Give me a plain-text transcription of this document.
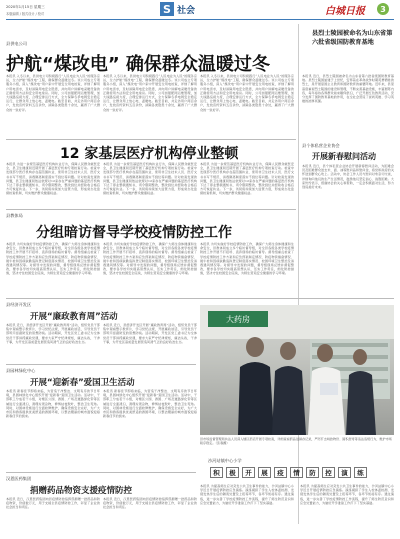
2020年1月15日 星期三
本版编辑 / 版式设计 / 校对	S 社会	白城日报	3
县供电公司
护航“煤改电” 确保群众温暖过冬
本报讯 入冬以来，县供电公司积极践行“人民电业为人民”的服务宗旨，全力护航“煤改电”工程，确保群众温暖过冬。该公司成立专项服务小组，深入“煤改电”用户家中开展安全用电检查，详细了解用户用电需求，及时消除用电安全隐患，并向用户讲解电采暖设备的正确使用方法和安全用电常识。同时，公司加强配网运维管理，加大线路巡视力度，合理安排运行方式，全力保障冬季电网安全稳定运行，让群众用上放心电、温暖电。截至目前，共走访用户两百余户，发放宣传资料五百余份，消除各类隐患十余处，赢得了广大群众的一致好评。
本报讯 入冬以来，县供电公司积极践行“人民电业为人民”的服务宗旨，全力护航“煤改电”工程，确保群众温暖过冬。该公司成立专项服务小组，深入“煤改电”用户家中开展安全用电检查，详细了解用户用电需求，及时消除用电安全隐患，并向用户讲解电采暖设备的正确使用方法和安全用电常识。同时，公司加强配网运维管理，加大线路巡视力度，合理安排运行方式，全力保障冬季电网安全稳定运行，让群众用上放心电、温暖电。截至目前，共走访用户两百余户，发放宣传资料五百余份，消除各类隐患十余处，赢得了广大群众的一致好评。
本报讯 入冬以来，县供电公司积极践行“人民电业为人民”的服务宗旨，全力护航“煤改电”工程，确保群众温暖过冬。该公司成立专项服务小组，深入“煤改电”用户家中开展安全用电检查，详细了解用户用电需求，及时消除用电安全隐患，并向用户讲解电采暖设备的正确使用方法和安全用电常识。同时，公司加强配网运维管理，加大线路巡视力度，合理安排运行方式，全力保障冬季电网安全稳定运行，让群众用上放心电、温暖电。截至目前，共走访用户两百余户，发放宣传资料五百余份，消除各类隐患十余处，赢得了广大群众的一致好评。
县烈士陵园被命名为山东省第六批省级国防教育基地
本报讯 近日，县烈士陵园被命名为山东省第六批省级国防教育基地。县烈士陵园始建于上世纪，安葬着在革命战争时期英勇牺牲的烈士，是开展爱国主义教育和国防教育的重要阵地。近年来，县里高度重视烈士陵园的建设和管理，不断完善基础设施，丰富展陈内容，每年接待各界群众前来瞻仰祭扫，广泛开展红色教育活动，充分发挥了国防教育基地的作用，在全社会营造了崇尚英雄、学习英雄的浓厚氛围。
12 家基层医疗机构停业整顿
本报讯 为进一步规范基层医疗机构执业行为，保障人民群众就医安全，县卫生健康局近期开展了基层医疗机构专项检查行动。检查中发现部分医疗机构存在超范围执业、使用非卫生技术人员、医疗文书书写不规范、消毒隔离制度落实不到位等问题。针对检查发现的问题，县卫生健康局依法依规对12家存在严重问题的基层医疗机构下达了停业整顿通知书，责令限期整改，整改到位并经验收合格后方可恢复执业。下一步，该局将持续加大监管力度，形成常态化监督检查机制，切实维护群众健康权益。
本报讯 为进一步规范基层医疗机构执业行为，保障人民群众就医安全，县卫生健康局近期开展了基层医疗机构专项检查行动。检查中发现部分医疗机构存在超范围执业、使用非卫生技术人员、医疗文书书写不规范、消毒隔离制度落实不到位等问题。针对检查发现的问题，县卫生健康局依法依规对12家存在严重问题的基层医疗机构下达了停业整顿通知书，责令限期整改，整改到位并经验收合格后方可恢复执业。下一步，该局将持续加大监管力度，形成常态化监督检查机制，切实维护群众健康权益。
本报讯 为进一步规范基层医疗机构执业行为，保障人民群众就医安全，县卫生健康局近期开展了基层医疗机构专项检查行动。检查中发现部分医疗机构存在超范围执业、使用非卫生技术人员、医疗文书书写不规范、消毒隔离制度落实不到位等问题。针对检查发现的问题，县卫生健康局依法依规对12家存在严重问题的基层医疗机构下达了停业整顿通知书，责令限期整改，整改到位并经验收合格后方可恢复执业。下一步，该局将持续加大监管力度，形成常态化监督检查机制，切实维护群众健康权益。
县个体私营企业协会
开展新春慰问活动
本报讯 近日，县个体私营企业协会开展新春慰问活动，为困难会员及困难群众送去米、面、油等慰问品和慰问金，将党和政府的关怀送到群众心坎上。活动中，协会工作人员与慰问对象亲切交谈，详细询问他们的生产生活情况，鼓励他们坚定信心、战胜困难。大家纷纷表示，感谢协会的关心和帮助，一定会积极面对生活，努力创造美好未来。
县教体局
分组暗访督导学校疫情防控工作
本报讯 为切实做好学校疫情防控工作，确保广大师生身体健康和生命安全，县教体局成立多个暗访督导组，对全县各级各类学校疫情防控工作开展不打招呼、直奔现场的暗访督导。督导组重点检查了学校疫情防控工作方案和应急预案制定情况、防疫物资储备情况、晨午检和因病缺勤追踪登记制度落实情况、校园环境卫生整治及消毒通风情况等。对督导中发现的问题，督导组现场反馈并督促整改，要求各学校切实提高思想认识，压实工作责任，细化防控措施，坚决守住校园安全底线，为师生营造安全健康的学习环境。
本报讯 为切实做好学校疫情防控工作，确保广大师生身体健康和生命安全，县教体局成立多个暗访督导组，对全县各级各类学校疫情防控工作开展不打招呼、直奔现场的暗访督导。督导组重点检查了学校疫情防控工作方案和应急预案制定情况、防疫物资储备情况、晨午检和因病缺勤追踪登记制度落实情况、校园环境卫生整治及消毒通风情况等。对督导中发现的问题，督导组现场反馈并督促整改，要求各学校切实提高思想认识，压实工作责任，细化防控措施，坚决守住校园安全底线，为师生营造安全健康的学习环境。
本报讯 为切实做好学校疫情防控工作，确保广大师生身体健康和生命安全，县教体局成立多个暗访督导组，对全县各级各类学校疫情防控工作开展不打招呼、直奔现场的暗访督导。督导组重点检查了学校疫情防控工作方案和应急预案制定情况、防疫物资储备情况、晨午检和因病缺勤追踪登记制度落实情况、校园环境卫生整治及消毒通风情况等。对督导中发现的问题，督导组现场反馈并督促整改，要求各学校切实提高思想认识，压实工作责任，细化防控措施，坚决守住校园安全底线，为师生营造安全健康的学习环境。
县经济开发区
开展“廉政教育周”活动
本报讯 近日，县经济开发区开展“廉政教育周”活动，组织党员干部集中观看警示教育片，学习党纪法规，开展廉政谈话，引导党员干部筑牢拒腐防变的思想防线。活动期间，开发区党工委书记为全体党员干部讲授廉政党课，要求大家严守纪律规矩，廉洁从政，干净干事，为开发区高质量发展营造风清气正的良好政治生态。
本报讯 近日，县经济开发区开展“廉政教育周”活动，组织党员干部集中观看警示教育片，学习党纪法规，开展廉政谈话，引导党员干部筑牢拒腐防变的思想防线。活动期间，开发区党工委书记为全体党员干部讲授廉政党课，要求大家严守纪律规矩，廉洁从政，干净干事，为开发区高质量发展营造风清气正的良好政治生态。
大药房
县市场监督管理局执法人员深入辖区药店开展专项检查，详细查看药品进销存记录，严厉打击哄抬物价、囤积居奇等违法违规行为，维护市场秩序稳定。（张春摄）
县园林绿化中心
开展“迎新春”爱国卫生活动
本报讯 新春佳节即将来临，为营造干净整洁、文明有序的节日环境，县园林绿化中心组织开展“迎新春”爱国卫生活动。活动中，干部职工分成若干小组，对辖区公园、游园、广场及道路绿化带等区域进行全面清扫，清理垃圾杂物，修剪枯枝败叶，整治卫生死角。同时，对园林设施进行全面检修维护，确保设施安全完好，为广大市民和游客提供优美舒适的游园环境，以整洁靓丽的城市面貌迎接新春佳节的到来。
本报讯 新春佳节即将来临，为营造干净整洁、文明有序的节日环境，县园林绿化中心组织开展“迎新春”爱国卫生活动。活动中，干部职工分成若干小组，对辖区公园、游园、广场及道路绿化带等区域进行全面清扫，清理垃圾杂物，修剪枯枝败叶，整治卫生死角。同时，对园林设施进行全面检修维护，确保设施安全完好，为广大市民和游客提供优美舒适的游园环境，以整洁靓丽的城市面貌迎接新春佳节的到来。
汉恩医药集团
捐赠药品物资支援疫情防控
本报讯 近日，汉恩医药集团向县疫情防控指挥部捐赠一批药品和防疫物资，价值数万元，用于支援全县疫情防控工作，彰显了企业的社会担当和责任。
本报讯 近日，汉恩医药集团向县疫情防控指挥部捐赠一批药品和防疫物资，价值数万元，用于支援全县疫情防控工作，彰显了企业的社会担当和责任。
沙河站镇中心小学
积	极	开	展	疫	情	防	控	演	练
本报讯 为提高师生应对突发公共卫生事件的能力，沙河站镇中心小学近日开展疫情防控应急演练。演练模拟了学生入校体温检测、发现发热学生后的隔离处置及上报等环节，各环节衔接有序。通过演练，进一步完善了学校疫情防控工作流程，提升了师生防范意识和应急处置能力，为做好开学准备工作打下了坚实基础。
本报讯 为提高师生应对突发公共卫生事件的能力，沙河站镇中心小学近日开展疫情防控应急演练。演练模拟了学生入校体温检测、发现发热学生后的隔离处置及上报等环节，各环节衔接有序。通过演练，进一步完善了学校疫情防控工作流程，提升了师生防范意识和应急处置能力，为做好开学准备工作打下了坚实基础。
